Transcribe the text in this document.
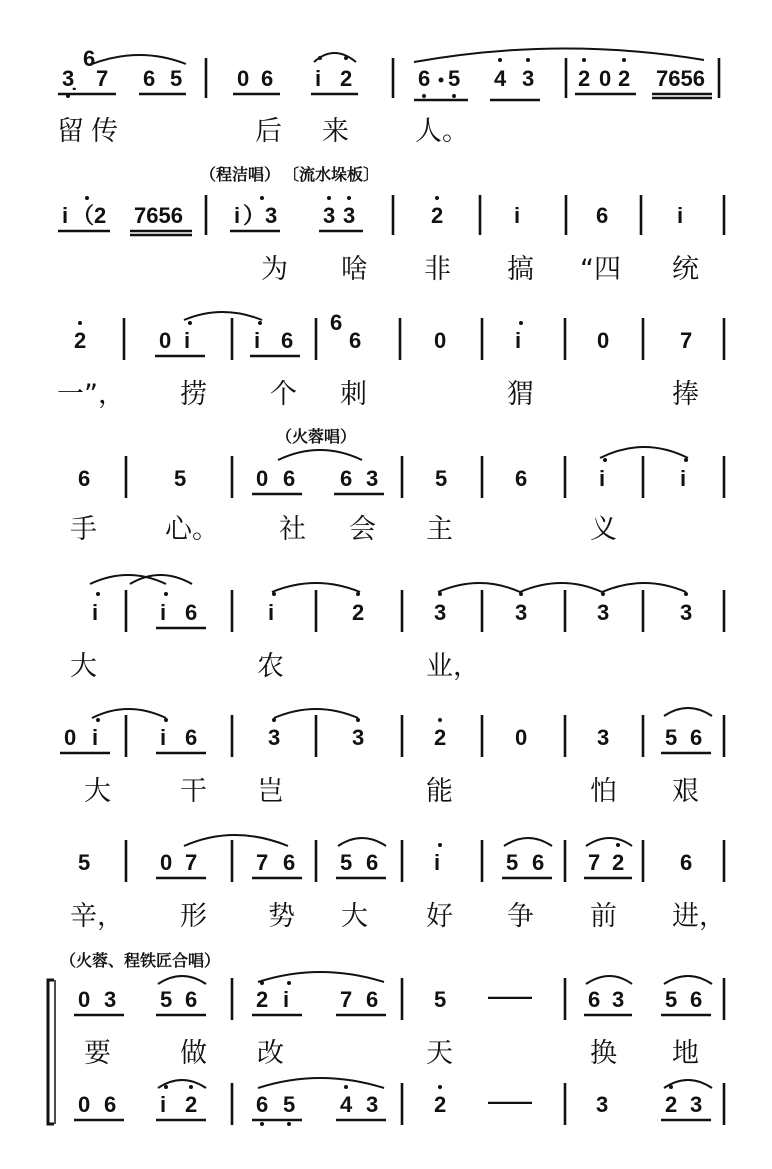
6
3̣ 7 6 5 0 6 i 2	6 5 4 3 2 0 2 7656
留 传	后 来 人。
（程洁唱） 〔流水垛板〕
i （2 7656 i ）3 3 3	2	i	6	i
为 啥 非 搞 “四 统
2	0 i	i 6
6
6	0	i	0	7
一”， 捞 个 刺	猬	捧
（火蓉唱）
6	5	0 6 6 3	5	6	i	i
手	心。 社 会 主	义
i	i 6	i	2	3	3	3	3
大	农	业，
0 i	i 6	3	3	2	0	3	5 6
大	干 岂	能	怕 艰
5	0 7	7 6 5 6	i	5 6 7 2	6
辛， 形 势 大 好 争 前 进，
（火蓉、程铁匠合唱）
0 3 5 6	2 i 7 6	5 ——	6 3 5 6
要	做 改	天	换 地
0 6 i 2	6 5 4 3	2 ——	3	2 3
